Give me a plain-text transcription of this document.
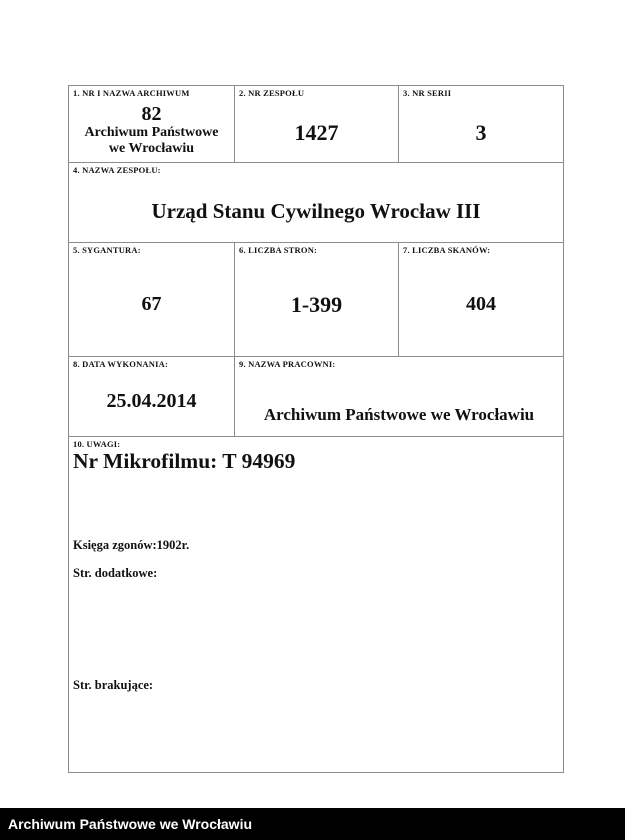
1. NR I NAZWA ARCHIWUM
82
Archiwum Państwowe
we Wrocławiu
2. NR ZESPOŁU
1427
3. NR SERII
3
4. NAZWA ZESPOŁU:
Urząd Stanu Cywilnego Wrocław III
5. SYGANTURA:
67
6. LICZBA STRON:
1-399
7. LICZBA SKANÓW:
404
8. DATA WYKONANIA:
25.04.2014
9. NAZWA PRACOWNI:
Archiwum Państwowe we Wrocławiu
10. UWAGI:
Nr Mikrofilmu: T 94969
Księga zgonów:1902r.
Str. dodatkowe:
Str. brakujące:
Archiwum Państwowe we Wrocławiu
